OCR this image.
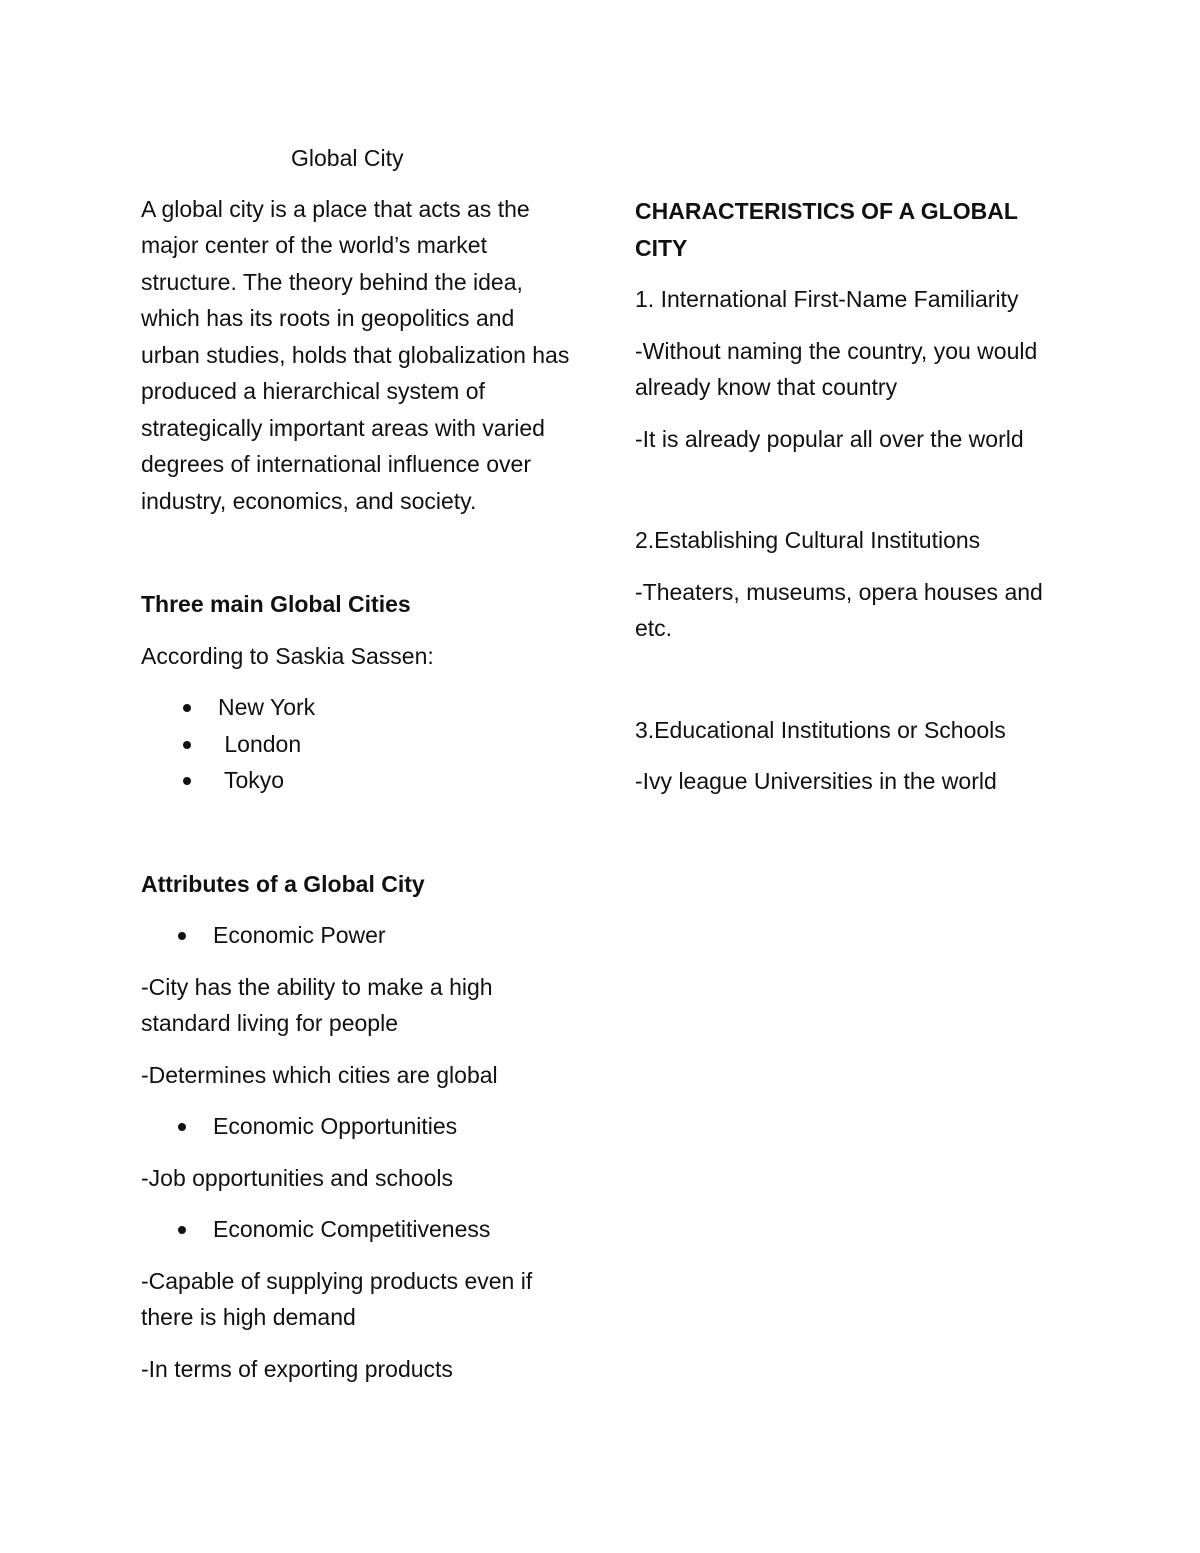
Global City

A global city is a place that acts as the major center of the world’s market structure. The theory behind the idea, which has its roots in geopolitics and urban studies, holds that globalization has produced a hierarchical system of strategically important areas with varied degrees of international influence over industry, economics, and society.

Three main Global Cities

According to Saskia Sassen:

New York
London
Tokyo
Attributes of a Global City
Economic Power

-City has the ability to make a high standard living for people

-Determines which cities are global

Economic Opportunities

-Job opportunities and schools

Economic Competitiveness

-Capable of supplying products even if there is high demand

-In terms of exporting products

CHARACTERISTICS OF A GLOBAL CITY

1. International First-Name Familiarity

-Without naming the country, you would already know that country

-It is already popular all over the world

2.Establishing Cultural Institutions

-Theaters, museums, opera houses and etc.

3.Educational Institutions or Schools

-Ivy league Universities in the world
